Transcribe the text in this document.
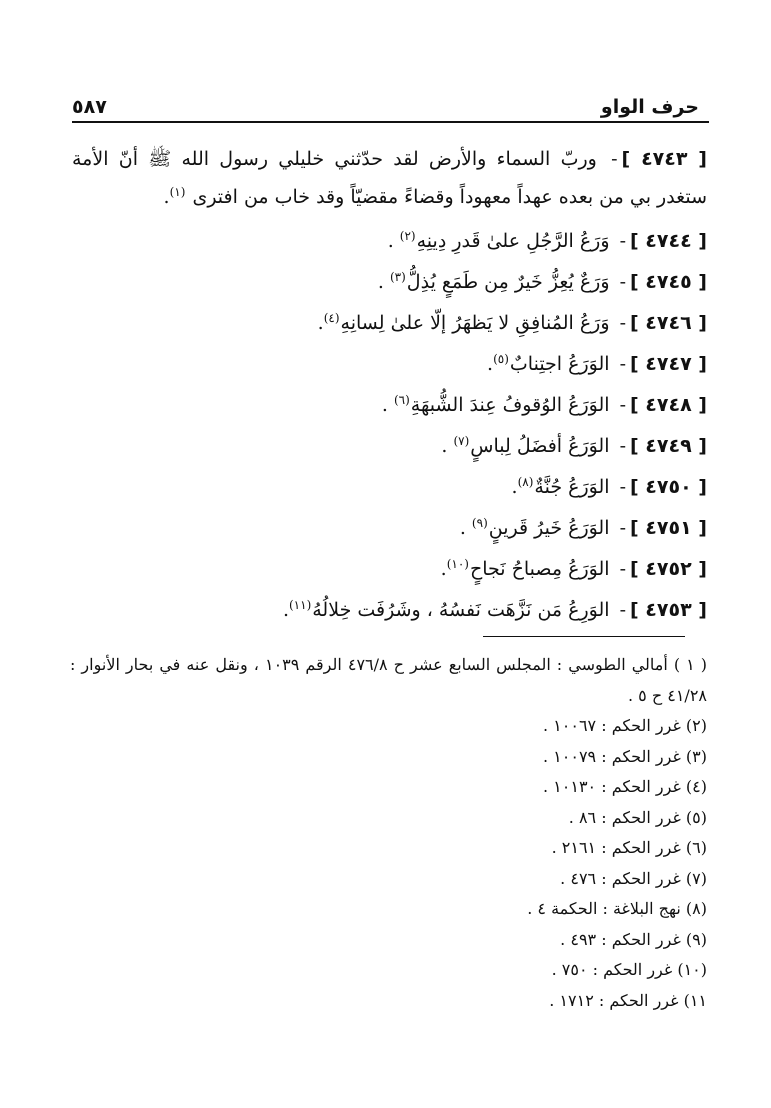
حرف الواو
٥٨٧
[ ٤٧٤٣ ]- وربّ السماء والأرض لقد حدّثني خليلي رسول الله ﷺ أنّ الأمة ستغدر بي من بعده عهداً معهوداً وقضاءً مقضيّاً وقد خاب من افترى $^{(١)}$.
[ ٤٧٤٤ ]- وَرَعُ الرَّجُلِ علىٰ قَدرِ دِينِهِ$^{(٢)}$ .
[ ٤٧٤٥ ]- وَرَعٌ يُعِزُّ خَيرٌ مِن طَمَعٍ يُذِلُّ$^{(٣)}$ .
[ ٤٧٤٦ ]- وَرَعُ المُنافِقِ لا يَظهَرُ إلّا علىٰ لِسانِهِ$^{(٤)}$.
[ ٤٧٤٧ ]- الوَرَعُ اجتِنابٌ$^{(٥)}$.
[ ٤٧٤٨ ]- الوَرَعُ الوُقوفُ عِندَ الشُّبهَةِ$^{(٦)}$ .
[ ٤٧٤٩ ]- الوَرَعُ أفضَلُ لِباسٍ$^{(٧)}$ .
[ ٤٧٥٠ ]- الوَرَعُ جُنَّةٌ$^{(٨)}$.
[ ٤٧٥١ ]- الوَرَعُ خَيرُ قَرينٍ$^{(٩)}$ .
[ ٤٧٥٢ ]- الوَرَعُ مِصباحُ نَجاحٍ$^{(١٠)}$.
[ ٤٧٥٣ ]- الوَرِعُ مَن نَزَّهَت نَفسُهُ ، وشَرُفَت خِلالُهُ$^{(١١)}$.
( ١ ) أمالي الطوسي : المجلس السابع عشر ح ٤٧٦/٨ الرقم ١٠٣٩ ، ونقل عنه في بحار الأنوار : ٤١/٢٨ ح ٥ .
(٢) غرر الحكم : ١٠٠٦٧ .
(٣) غرر الحكم : ١٠٠٧٩ .
(٤) غرر الحكم : ١٠١٣٠ .
(٥) غرر الحكم : ٨٦ .
(٦) غرر الحكم : ٢١٦١ .
(٧) غرر الحكم : ٤٧٦ .
(٨) نهج البلاغة : الحكمة ٤ .
(٩) غرر الحكم : ٤٩٣ .
(١٠) غرر الحكم : ٧٥٠ .
١١) غرر الحكم : ١٧١٢ .
